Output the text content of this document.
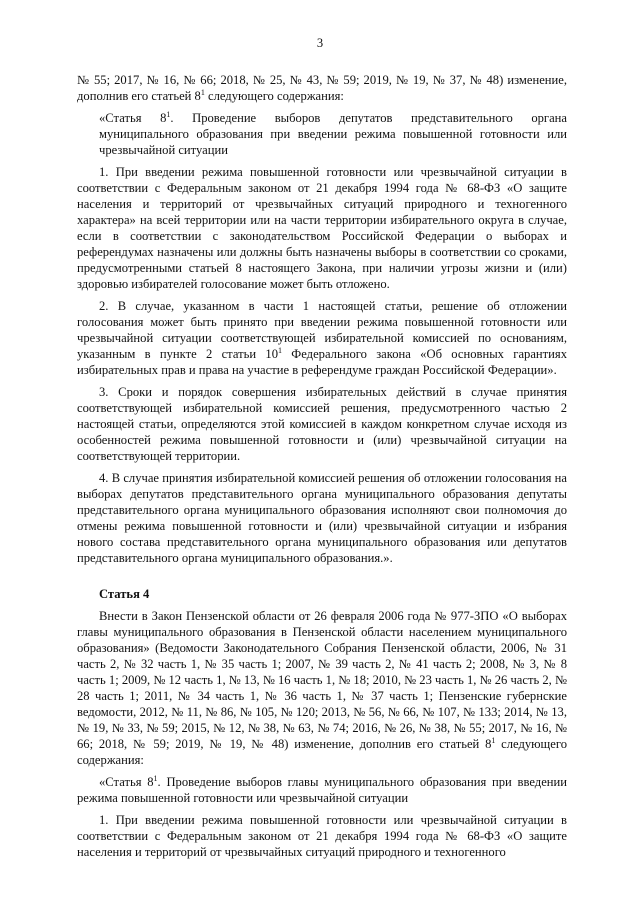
3

№ 55; 2017, № 16, № 66; 2018, № 25, № 43, № 59; 2019, № 19, № 37, № 48) изменение, дополнив его статьей $8^1$ следующего содержания:

«Статья $8^1$. Проведение выборов депутатов представительного органа муниципального образования при введении режима повышенной готовности или чрезвычайной ситуации

1. При введении режима повышенной готовности или чрезвычайной ситуации в соответствии с Федеральным законом от 21 декабря 1994 года № 68-ФЗ «О защите населения и территорий от чрезвычайных ситуаций природного и техногенного характера» на всей территории или на части территории избирательного округа в случае, если в соответствии с законодательством Российской Федерации о выборах и референдумах назначены или должны быть назначены выборы в соответствии со сроками, предусмотренными статьей 8 настоящего Закона, при наличии угрозы жизни и (или) здоровью избирателей голосование может быть отложено.

2. В случае, указанном в части 1 настоящей статьи, решение об отложении голосования может быть принято при введении режима повышенной готовности или чрезвычайной ситуации соответствующей избирательной комиссией по основаниям, указанным в пункте 2 статьи $10^1$ Федерального закона «Об основных гарантиях избирательных прав и права на участие в референдуме граждан Российской Федерации».

3. Сроки и порядок совершения избирательных действий в случае принятия соответствующей избирательной комиссией решения, предусмотренного частью 2 настоящей статьи, определяются этой комиссией в каждом конкретном случае исходя из особенностей режима повышенной готовности и (или) чрезвычайной ситуации на соответствующей территории.

4. В случае принятия избирательной комиссией решения об отложении голосования на выборах депутатов представительного органа муниципального образования депутаты представительного органа муниципального образования исполняют свои полномочия до отмены режима повышенной готовности и (или) чрезвычайной ситуации и избрания нового состава представительного органа муниципального образования или депутатов представительного органа муниципального образования.».

Статья 4

Внести в Закон Пензенской области от 26 февраля 2006 года № 977-ЗПО «О выборах главы муниципального образования в Пензенской области населением муниципального образования» (Ведомости Законодательного Собрания Пензенской области, 2006, № 31 часть 2, № 32 часть 1, № 35 часть 1; 2007, № 39 часть 2, № 41 часть 2; 2008, № 3, № 8 часть 1; 2009, № 12 часть 1, № 13, № 16 часть 1, № 18; 2010, № 23 часть 1, № 26 часть 2, № 28 часть 1; 2011, № 34 часть 1, № 36 часть 1, № 37 часть 1; Пензенские губернские ведомости, 2012, № 11, № 86, № 105, № 120; 2013, № 56, № 66, № 107, № 133; 2014, № 13, № 19, № 33, № 59; 2015, № 12, № 38, № 63, № 74; 2016, № 26, № 38, № 55; 2017, № 16, № 66; 2018, № 59; 2019, № 19, № 48) изменение, дополнив его статьей $8^1$ следующего содержания:

«Статья $8^1$. Проведение выборов главы муниципального образования при введении режима повышенной готовности или чрезвычайной ситуации

1. При введении режима повышенной готовности или чрезвычайной ситуации в соответствии с Федеральным законом от 21 декабря 1994 года № 68-ФЗ «О защите населения и территорий от чрезвычайных ситуаций природного и техногенного
